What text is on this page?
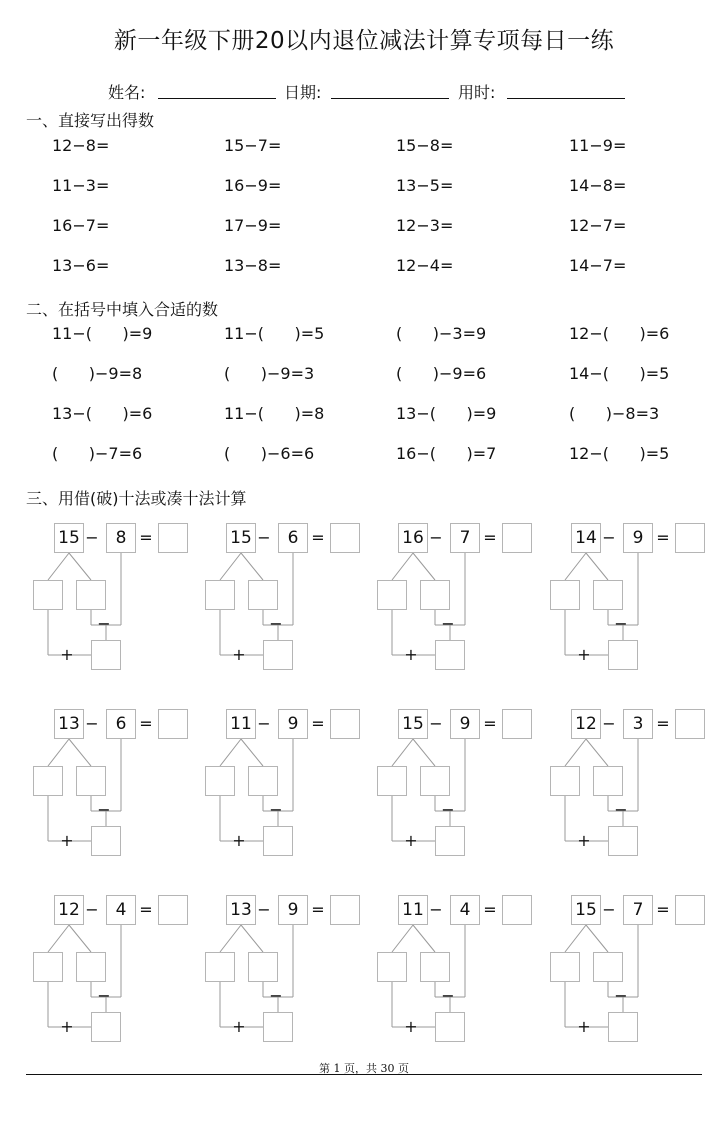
新一年级下册20以内退位减法计算专项每日一练
姓名:	日期:	用时:
一、直接写出得数
12−8=	15−7=	15−8=	11−9=
11−3=	16−9=	13−5=	14−8=
16−7=	17−9=	12−3=	12−7=
13−6=	13−8=	12−4=	14−7=
二、在括号中填入合适的数
11−(      )=9	11−(      )=5	(      )−3=9	12−(      )=6
(      )−9=8	(      )−9=3	(      )−9=6	14−(      )=5
13−(      )=6	11−(      )=8	13−(      )=9	(      )−8=3
(      )−7=6	(      )−6=6	16−(      )=7	12−(      )=5
三、用借(破)十法或凑十法计算
15 − 8 =
−
+
15 − 6 =
−
+
16 − 7 =
−
+
14 − 9 =
−
+
13 − 6 =
−
+
11 − 9 =
−
+
15 − 9 =
−
+
12 − 3 =
−
+
12 − 4 =
−
+
13 − 9 =
−
+
11 − 4 =
−
+
15 − 7 =
−
+
第 1 页，共 30 页
